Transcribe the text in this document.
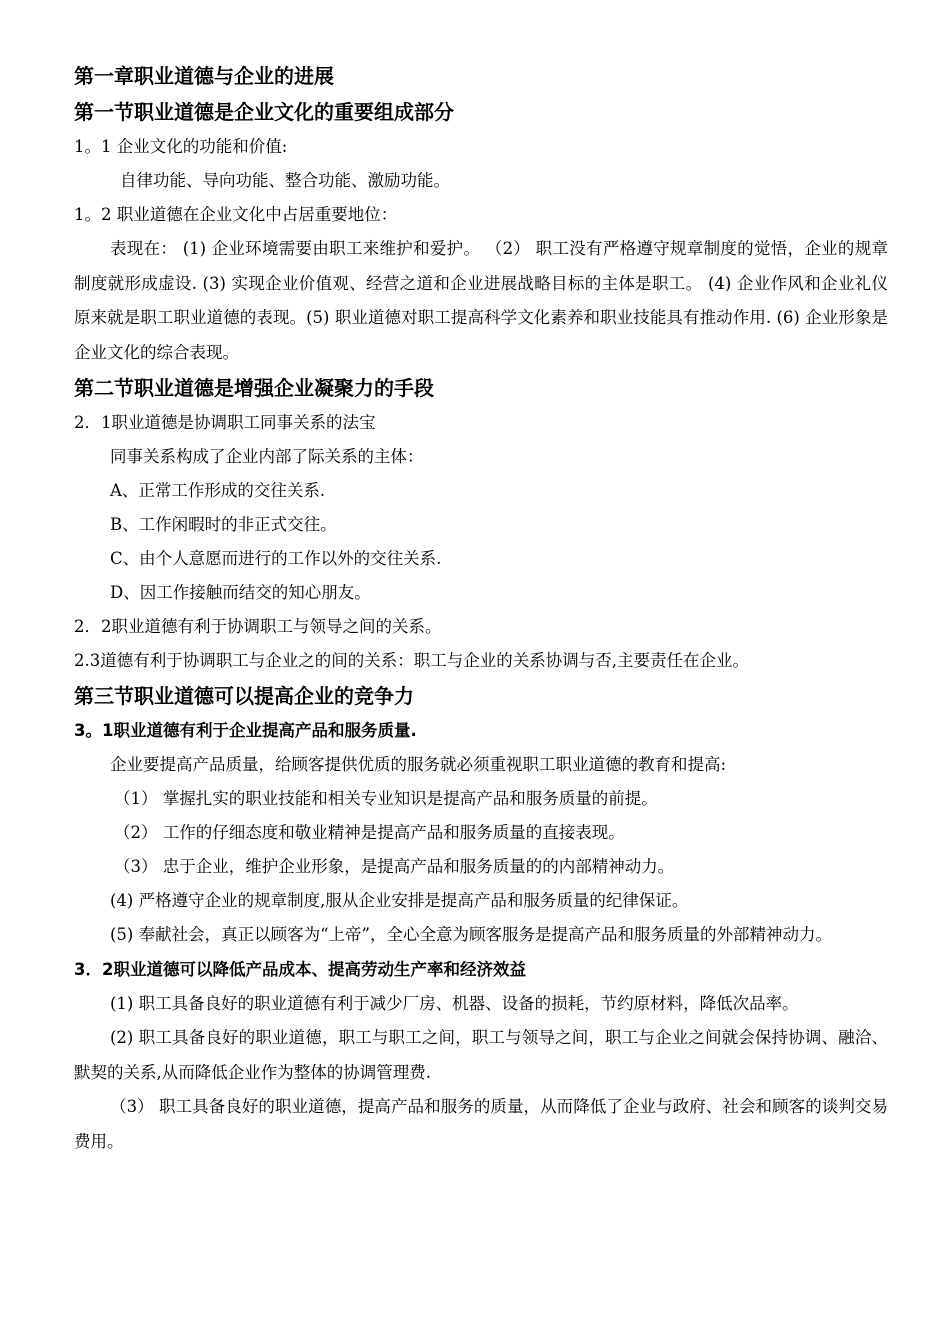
第一章职业道德与企业的进展
第一节职业道德是企业文化的重要组成部分
1。1 企业文化的功能和价值:
自律功能、导向功能、整合功能、激励功能。
1。2 职业道德在企业文化中占居重要地位：
表现在： (1) 企业环境需要由职工来维护和爱护。 （2） 职工没有严格遵守规章制度的觉悟，企业的规章制度就形成虚设. (3) 实现企业价值观、经营之道和企业进展战略目标的主体是职工。 (4) 企业作风和企业礼仪原来就是职工职业道德的表现。(5) 职业道德对职工提高科学文化素养和职业技能具有推动作用. (6) 企业形象是企业文化的综合表现。
第二节职业道德是增强企业凝聚力的手段
2．1职业道德是协调职工同事关系的法宝
同事关系构成了企业内部了际关系的主体：
A、正常工作形成的交往关系.
B、工作闲暇时的非正式交往。
C、由个人意愿而进行的工作以外的交往关系.
D、因工作接触而结交的知心朋友。
2．2职业道德有利于协调职工与领导之间的关系。
2.3道德有利于协调职工与企业之的间的关系：职工与企业的关系协调与否,主要责任在企业。
第三节职业道德可以提高企业的竞争力
3。1职业道德有利于企业提高产品和服务质量.
企业要提高产品质量，给顾客提供优质的服务就必须重视职工职业道德的教育和提高:
（1） 掌握扎实的职业技能和相关专业知识是提高产品和服务质量的前提。
（2） 工作的仔细态度和敬业精神是提高产品和服务质量的直接表现。
（3） 忠于企业，维护企业形象，是提高产品和服务质量的的内部精神动力。
(4) 严格遵守企业的规章制度,服从企业安排是提高产品和服务质量的纪律保证。
(5) 奉献社会，真正以顾客为“上帝”，全心全意为顾客服务是提高产品和服务质量的外部精神动力。
3．2职业道德可以降低产品成本、提高劳动生产率和经济效益
(1) 职工具备良好的职业道德有利于减少厂房、机器、设备的损耗，节约原材料，降低次品率。
(2) 职工具备良好的职业道德，职工与职工之间，职工与领导之间，职工与企业之间就会保持协调、融洽、默契的关系,从而降低企业作为整体的协调管理费.
（3） 职工具备良好的职业道德，提高产品和服务的质量，从而降低了企业与政府、社会和顾客的谈判交易费用。
